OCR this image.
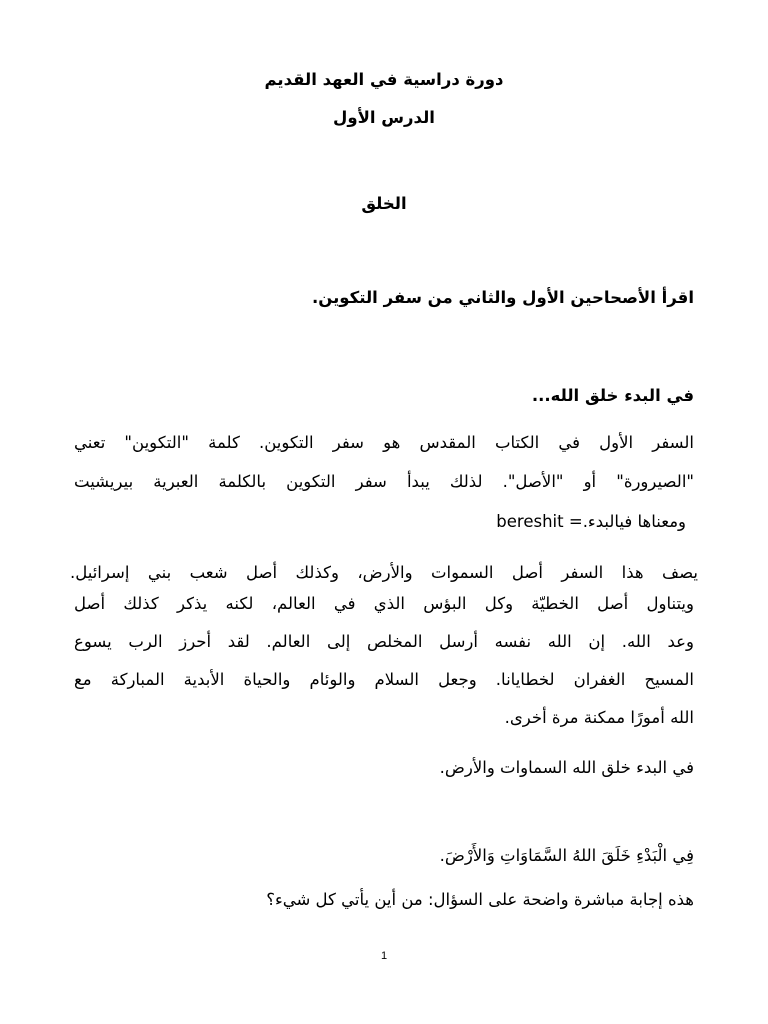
دورة دراسية في العهد القديم
الدرس الأول
الخلق
اقرأ الأصحاحين الأول والثاني من سفر التكوين.
في البدء خلق الله...
السفر الأول في الكتاب المقدس هو سفر التكوين. كلمة "التكوين" تعني
"الصيرورة" أو "الأصل". لذلك يبدأ سفر التكوين بالكلمة العبرية بيريشيت
ومعناها فيالبدء.bereshit =
يصف هذا السفر أصل السموات والأرض، وكذلك أصل شعب بني إسرائيل.
ويتناول أصل الخطيّة وكل البؤس الذي في العالم، لكنه يذكر كذلك أصل
وعد الله. إن الله نفسه أرسل المخلص إلى العالم. لقد أحرز الرب يسوع
المسيح الغفران لخطايانا. وجعل السلام والوئام والحياة الأبدية المباركة مع
الله أمورًا ممكنة مرة أخرى.
في البدء خلق الله السماوات والأرض.
فِي الْبَدْءِ خَلَقَ اللهُ السَّمَاوَاتِ وَالأَرْضَ.
هذه إجابة مباشرة واضحة على السؤال: من أين يأتي كل شيء؟
1
